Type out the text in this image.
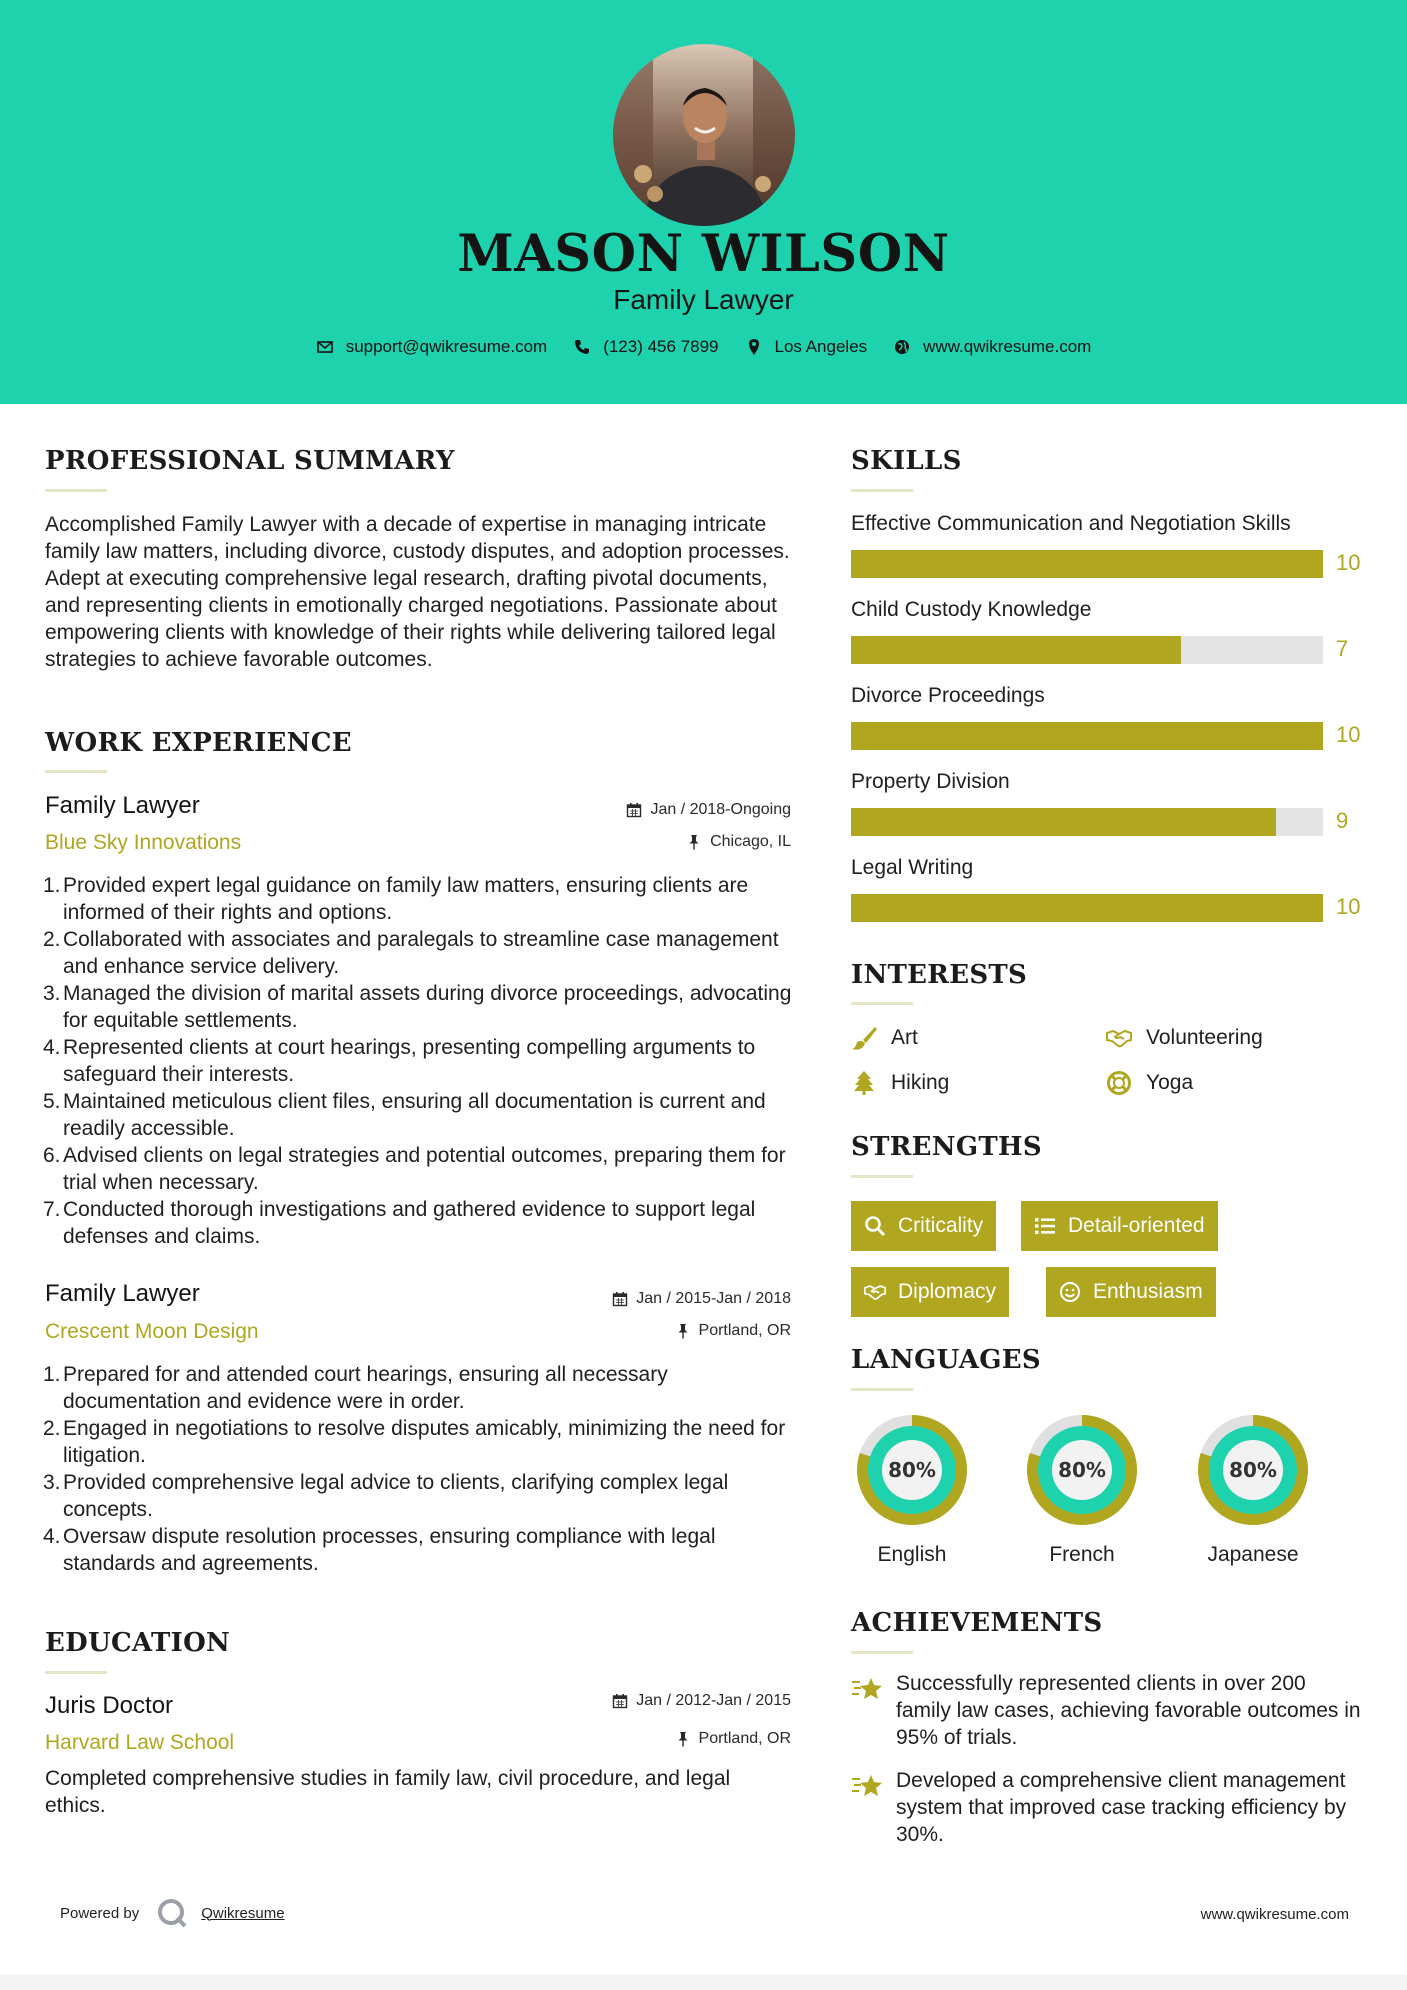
MASON WILSON
Family Lawyer
support@qwikresume.com	(123) 456 7899	Los Angeles	www.qwikresume.com
PROFESSIONAL SUMMARY
Accomplished Family Lawyer with a decade of expertise in managing intricate family law matters, including divorce, custody disputes, and adoption processes. Adept at executing comprehensive legal research, drafting pivotal documents, and representing clients in emotionally charged negotiations. Passionate about empowering clients with knowledge of their rights while delivering tailored legal strategies to achieve favorable outcomes.
WORK EXPERIENCE
Family Lawyer	Jan / 2018-Ongoing
Blue Sky Innovations	Chicago, IL
1. Provided expert legal guidance on family law matters, ensuring clients are informed of their rights and options.
2. Collaborated with associates and paralegals to streamline case management and enhance service delivery.
3. Managed the division of marital assets during divorce proceedings, advocating for equitable settlements.
4. Represented clients at court hearings, presenting compelling arguments to safeguard their interests.
5. Maintained meticulous client files, ensuring all documentation is current and readily accessible.
6. Advised clients on legal strategies and potential outcomes, preparing them for trial when necessary.
7. Conducted thorough investigations and gathered evidence to support legal defenses and claims.
Family Lawyer	Jan / 2015-Jan / 2018
Crescent Moon Design	Portland, OR
1. Prepared for and attended court hearings, ensuring all necessary documentation and evidence were in order.
2. Engaged in negotiations to resolve disputes amicably, minimizing the need for litigation.
3. Provided comprehensive legal advice to clients, clarifying complex legal concepts.
4. Oversaw dispute resolution processes, ensuring compliance with legal standards and agreements.
EDUCATION
Juris Doctor	Jan / 2012-Jan / 2015
Harvard Law School	Portland, OR
Completed comprehensive studies in family law, civil procedure, and legal ethics.
SKILLS
Effective Communication and Negotiation Skills
10
Child Custody Knowledge
7
Divorce Proceedings
10
Property Division
9
Legal Writing
10
INTERESTS
Art	Volunteering
Hiking	Yoga
STRENGTHS
Criticality	Detail-oriented
Diplomacy	Enthusiasm
LANGUAGES
80%
English
80%
French
80%
Japanese
ACHIEVEMENTS
Successfully represented clients in over 200 family law cases, achieving favorable outcomes in 95% of trials.
Developed a comprehensive client management system that improved case tracking efficiency by 30%.
Powered by	Qwikresume	www.qwikresume.com
